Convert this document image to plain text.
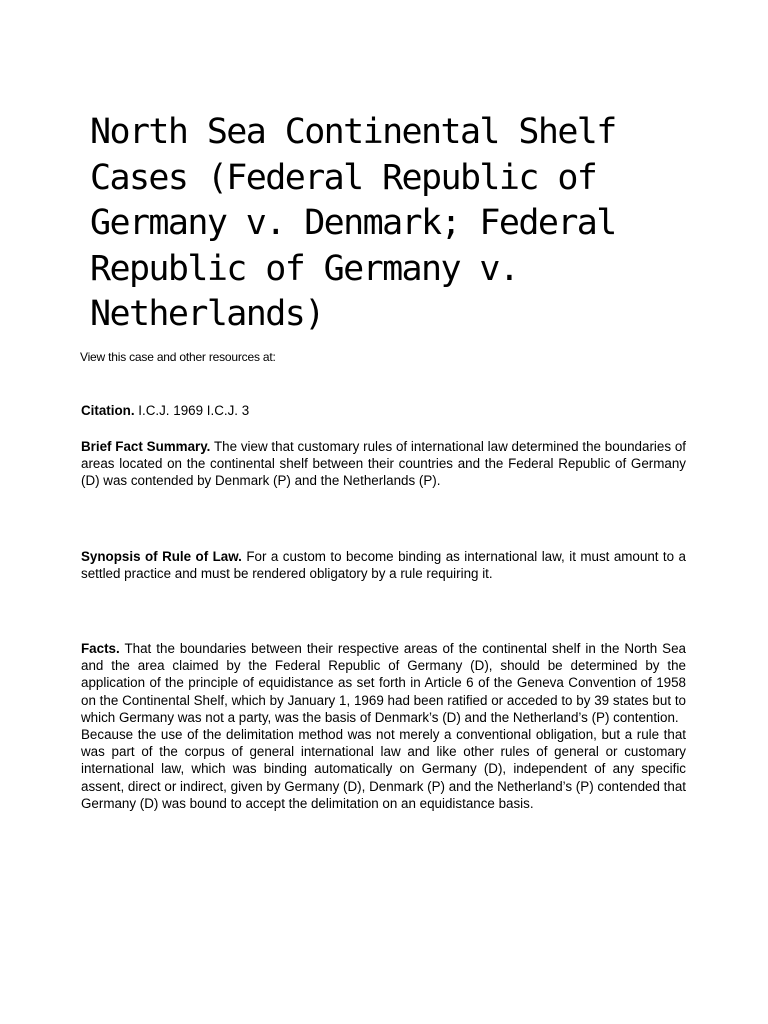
North Sea Continental Shelf Cases (Federal Republic of Germany v. Denmark; Federal Republic of Germany v. Netherlands)

View this case and other resources at:

Citation. I.C.J. 1969 I.C.J. 3

Brief Fact Summary. The view that customary rules of international law determined the boundaries of areas located on the continental shelf between their countries and the Federal Republic of Germany (D) was contended by Denmark (P) and the Netherlands (P).

Synopsis of Rule of Law. For a custom to become binding as international law, it must amount to a settled practice and must be rendered obligatory by a rule requiring it.

Facts. That the boundaries between their respective areas of the continental shelf in the North Sea and the area claimed by the Federal Republic of Germany (D), should be determined by the application of the principle of equidistance as set forth in Article 6 of the Geneva Convention of 1958 on the Continental Shelf, which by January 1, 1969 had been ratified or acceded to by 39 states but to which Germany was not a party, was the basis of Denmark’s (D) and the Netherland’s (P) contention.
Because the use of the delimitation method was not merely a conventional obligation, but a rule that was part of the corpus of general international law and like other rules of general or customary international law, which was binding automatically on Germany (D), independent of any specific assent, direct or indirect, given by Germany (D), Denmark (P) and the Netherland’s (P) contended that Germany (D) was bound to accept the delimitation on an equidistance basis.
